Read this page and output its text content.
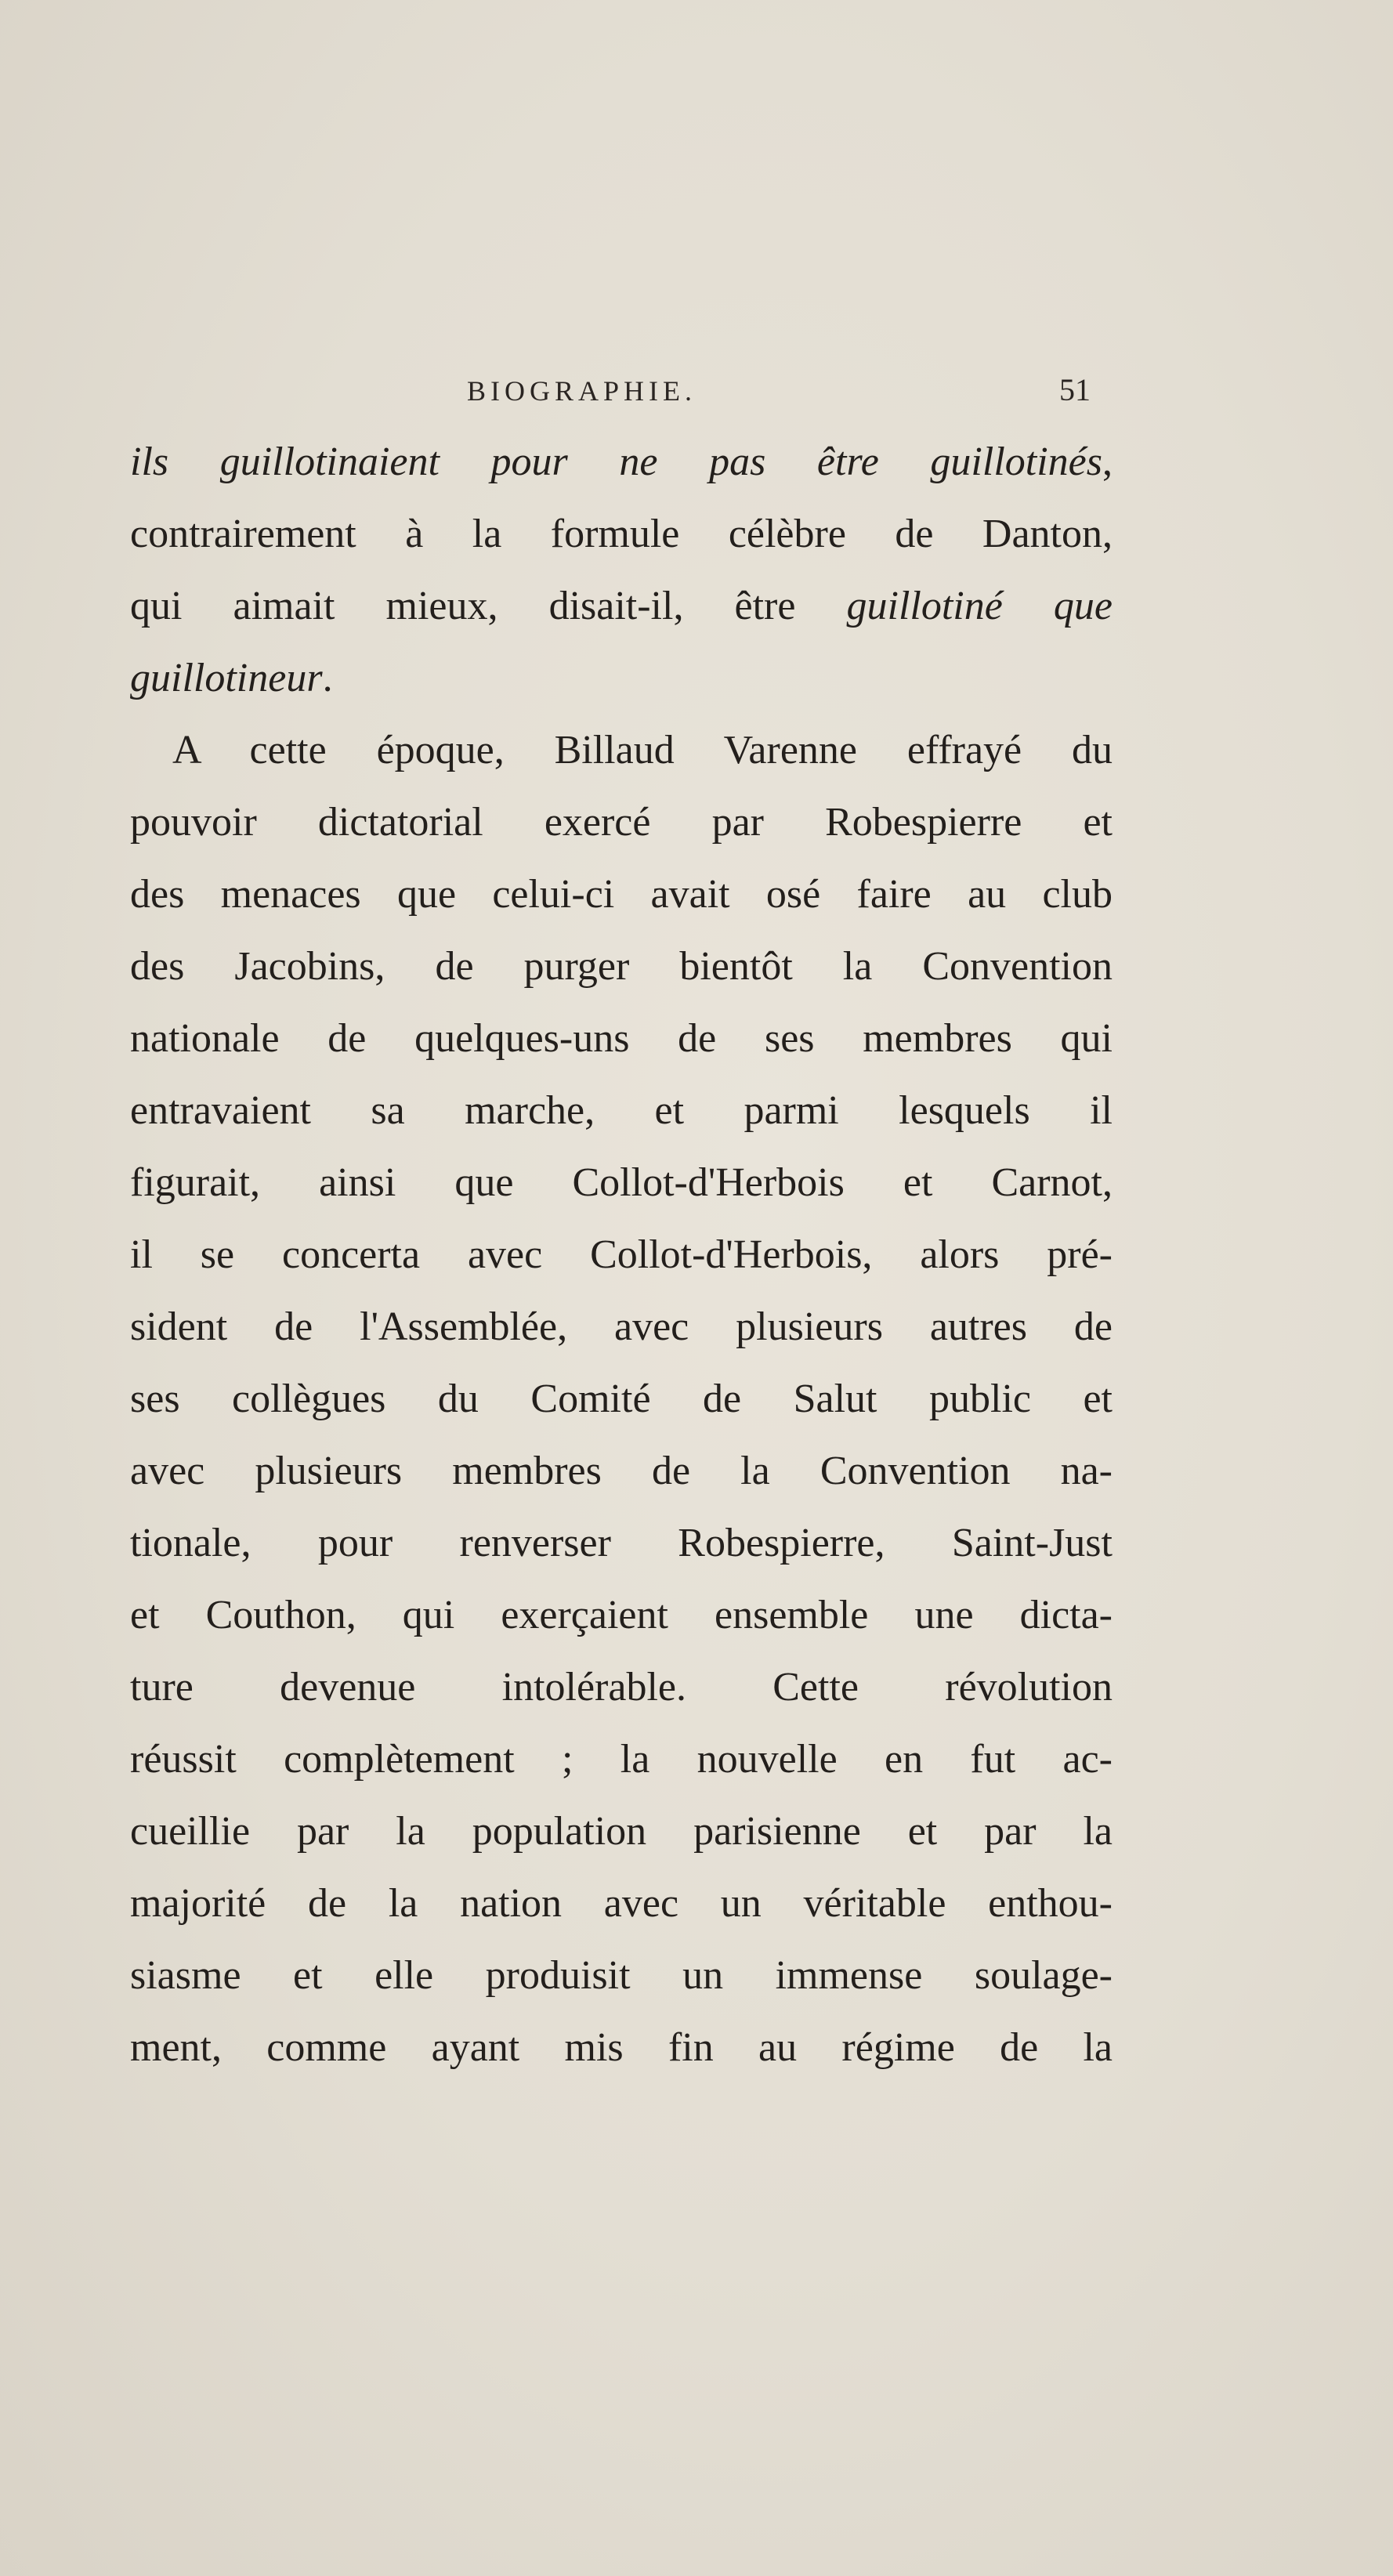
BIOGRAPHIE.	51
ils guillotinaient pour ne pas être guillotinés,
contrairement à la formule célèbre de Danton,
qui aimait mieux, disait-il, être guillotiné que
guillotineur.
A cette époque, Billaud Varenne effrayé du
pouvoir dictatorial exercé par Robespierre et
des menaces que celui-ci avait osé faire au club
des Jacobins, de purger bientôt la Convention
nationale de quelques-uns de ses membres qui
entravaient sa marche, et parmi lesquels il
figurait, ainsi que Collot-d'Herbois et Carnot,
il se concerta avec Collot-d'Herbois, alors pré-
sident de l'Assemblée, avec plusieurs autres de
ses collègues du Comité de Salut public et
avec plusieurs membres de la Convention na-
tionale, pour renverser Robespierre, Saint-Just
et Couthon, qui exerçaient ensemble une dicta-
ture devenue intolérable. Cette révolution
réussit complètement ; la nouvelle en fut ac-
cueillie par la population parisienne et par la
majorité de la nation avec un véritable enthou-
siasme et elle produisit un immense soulage-
ment, comme ayant mis fin au régime de la
